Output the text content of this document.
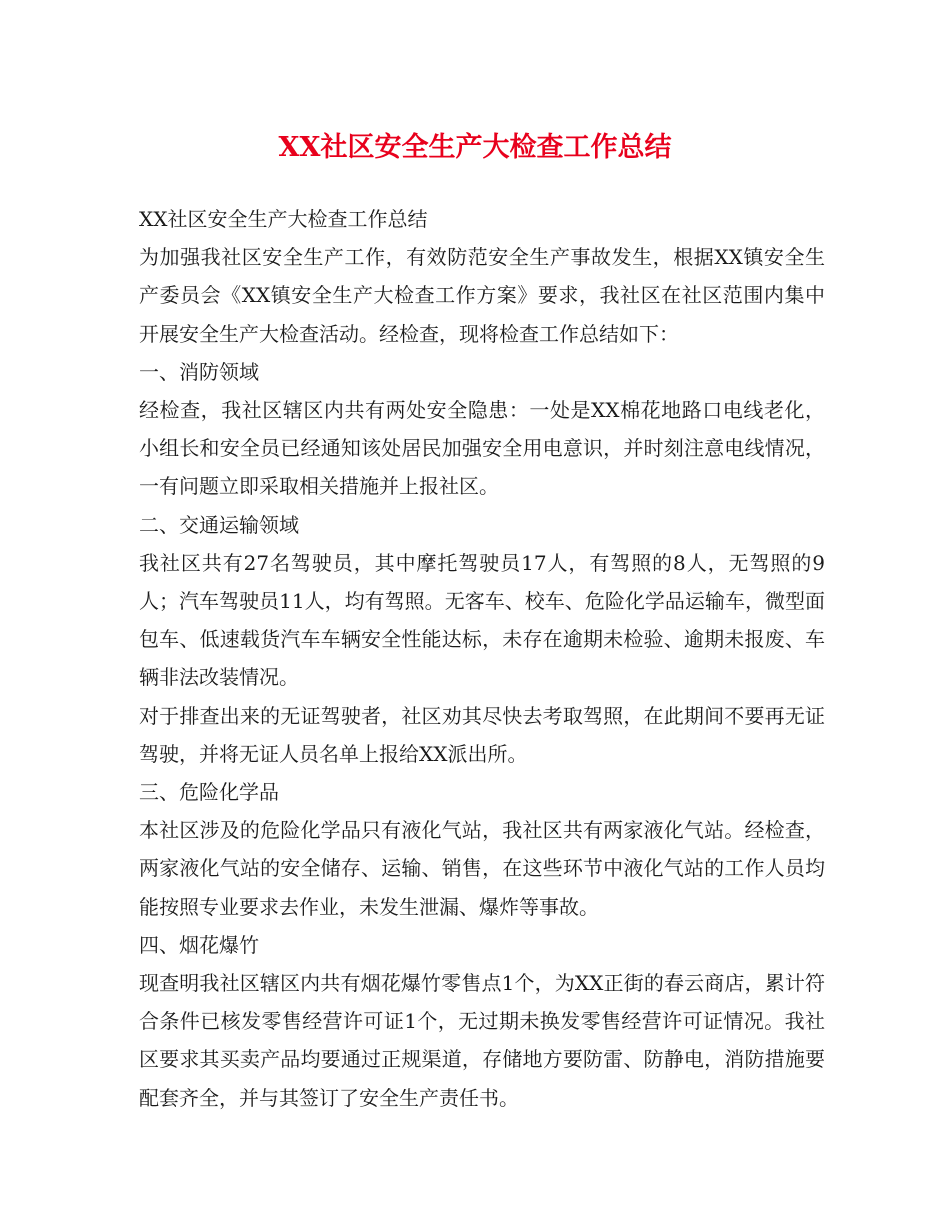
XX社区安全生产大检查工作总结

XX社区安全生产大检查工作总结

为加强我社区安全生产工作，有效防范安全生产事故发生，根据XX镇安全生产委员会《XX镇安全生产大检查工作方案》要求，我社区在社区范围内集中开展安全生产大检查活动。经检查，现将检查工作总结如下：

一、消防领域

经检查，我社区辖区内共有两处安全隐患：一处是XX棉花地路口电线老化，小组长和安全员已经通知该处居民加强安全用电意识，并时刻注意电线情况，一有问题立即采取相关措施并上报社区。

二、交通运输领域

我社区共有27名驾驶员，其中摩托驾驶员17人，有驾照的8人，无驾照的9人；汽车驾驶员11人，均有驾照。无客车、校车、危险化学品运输车，微型面包车、低速载货汽车车辆安全性能达标，未存在逾期未检验、逾期未报废、车辆非法改装情况。

对于排查出来的无证驾驶者，社区劝其尽快去考取驾照，在此期间不要再无证驾驶，并将无证人员名单上报给XX派出所。

三、危险化学品

本社区涉及的危险化学品只有液化气站，我社区共有两家液化气站。经检查，两家液化气站的安全储存、运输、销售，在这些环节中液化气站的工作人员均能按照专业要求去作业，未发生泄漏、爆炸等事故。

四、烟花爆竹

现查明我社区辖区内共有烟花爆竹零售点1个，为XX正街的春云商店，累计符合条件已核发零售经营许可证1个，无过期未换发零售经营许可证情况。我社区要求其买卖产品均要通过正规渠道，存储地方要防雷、防静电，消防措施要配套齐全，并与其签订了安全生产责任书。
